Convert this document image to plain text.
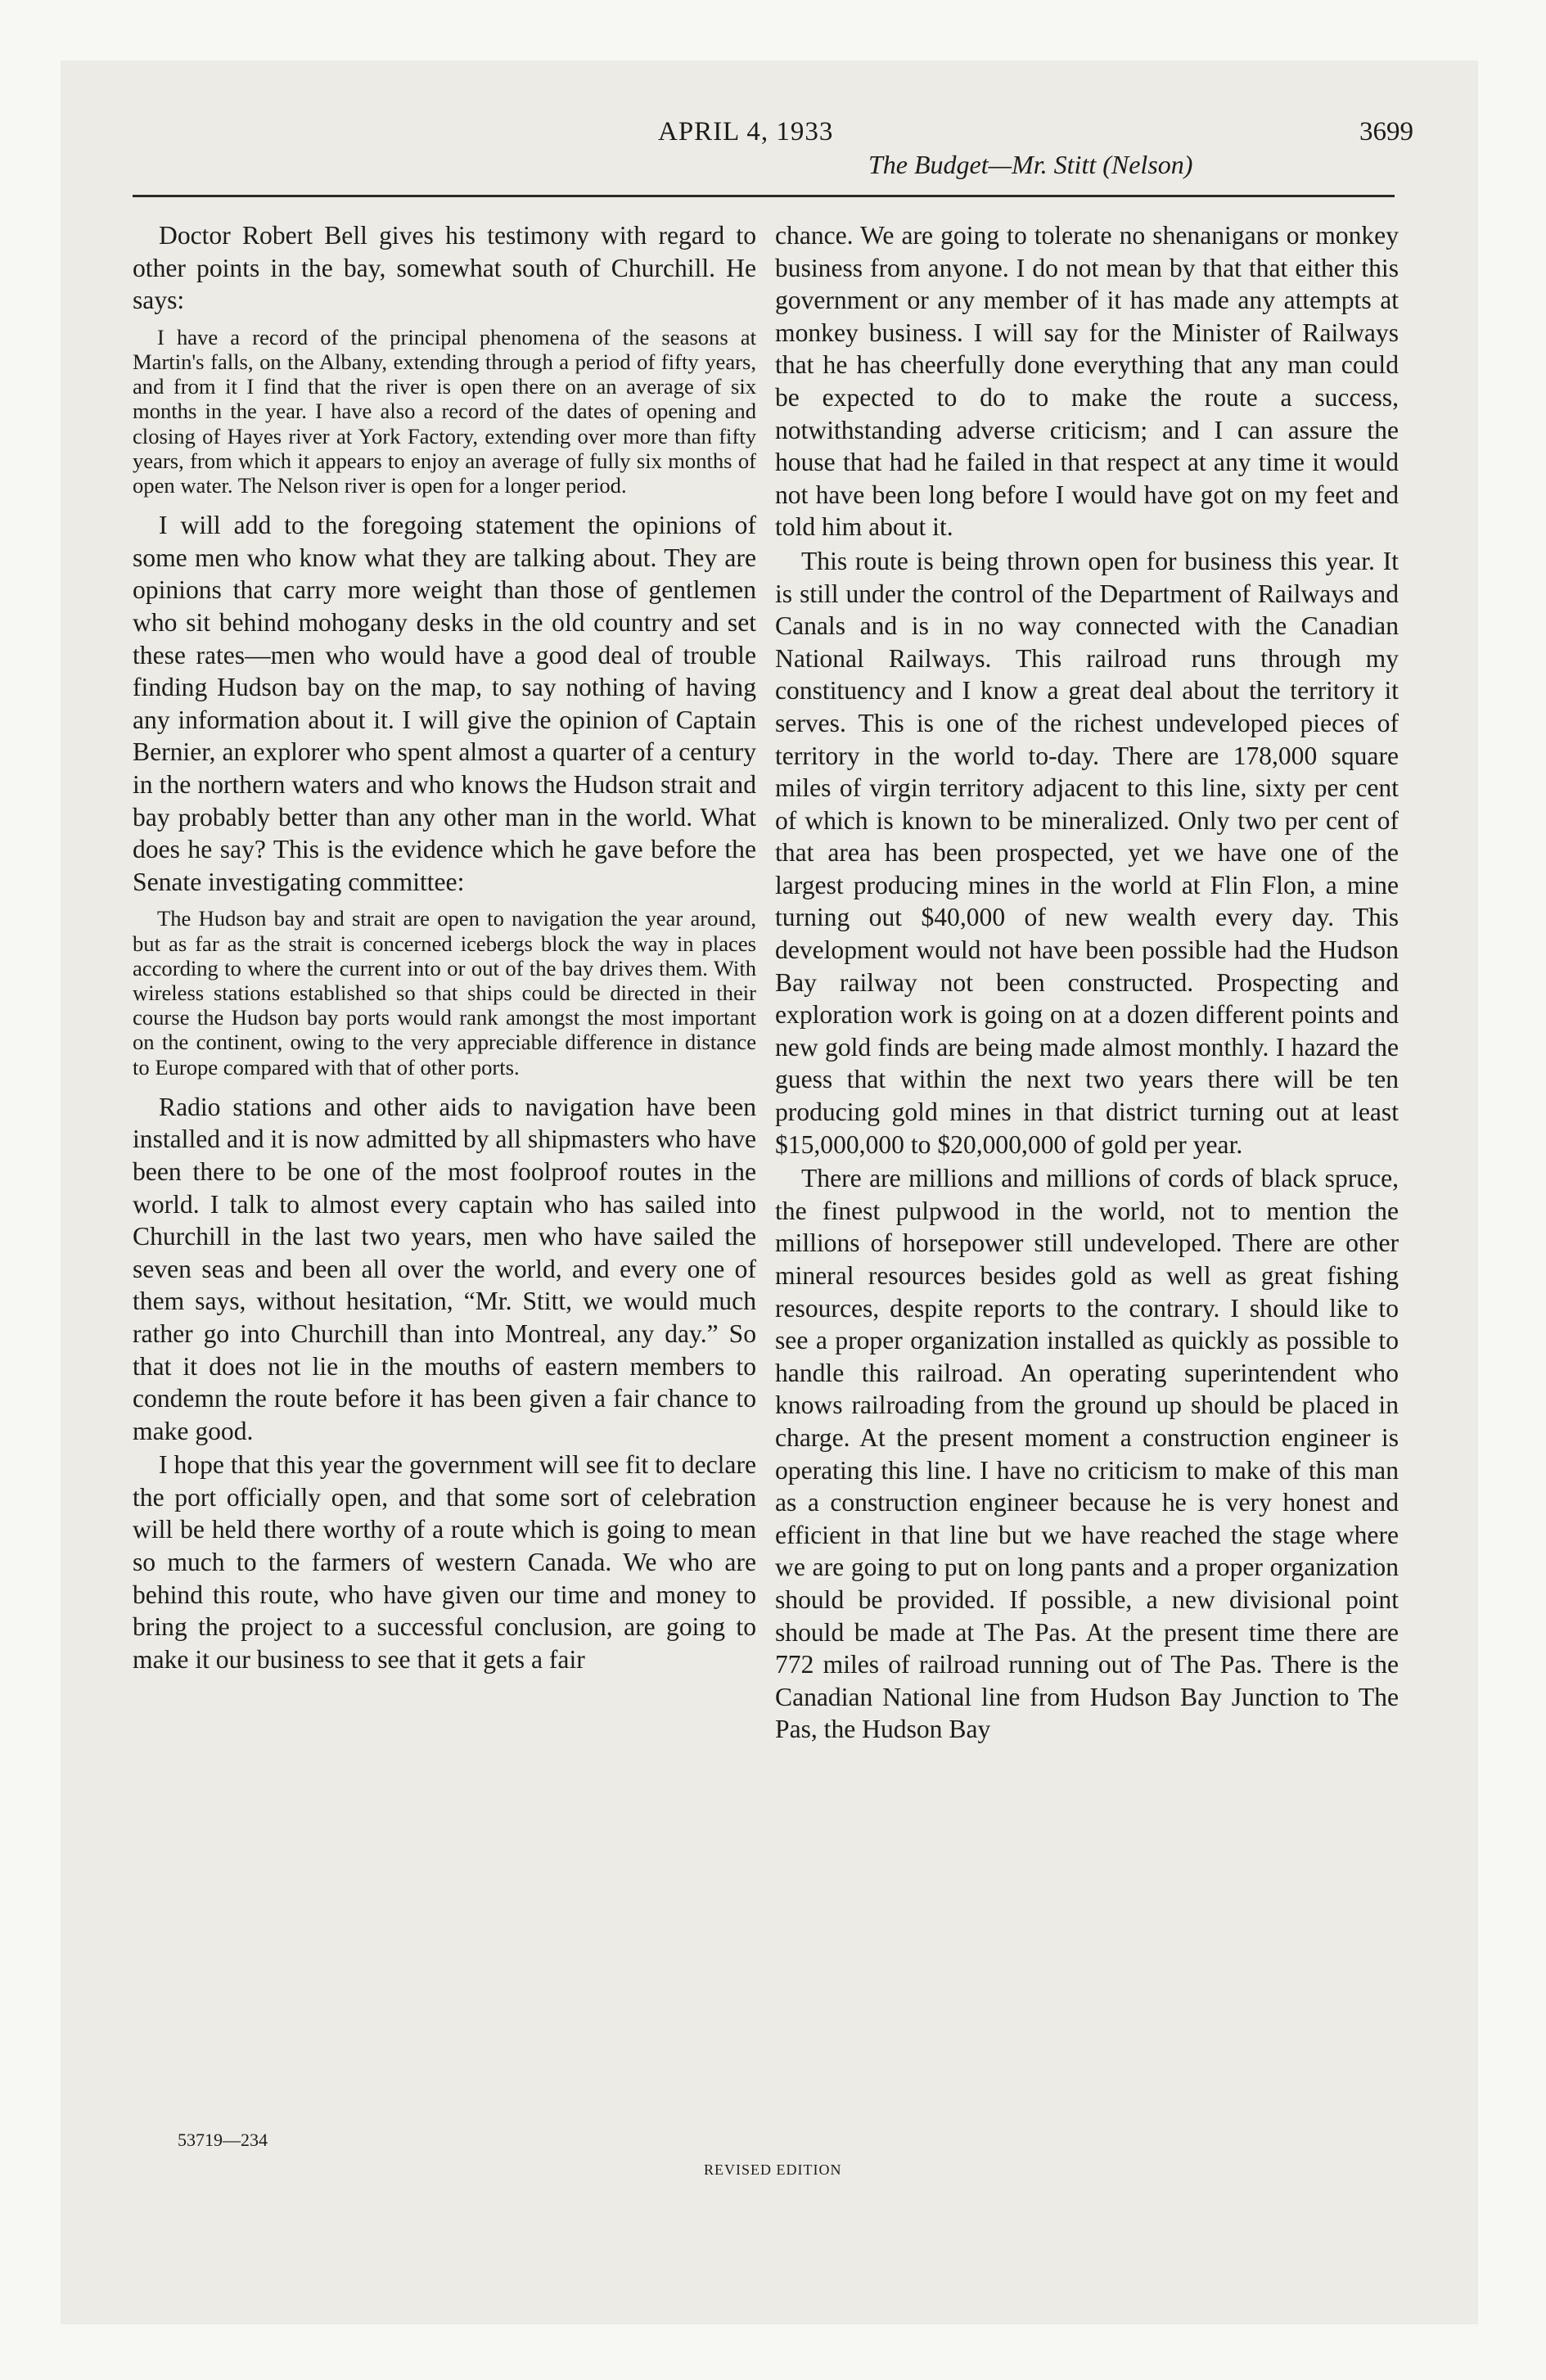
APRIL 4, 1933	3699
The Budget—Mr. Stitt (Nelson)

Doctor Robert Bell gives his testimony with regard to other points in the bay, somewhat south of Churchill. He says:

I have a record of the principal phenomena of the seasons at Martin's falls, on the Albany, extending through a period of fifty years, and from it I find that the river is open there on an average of six months in the year. I have also a record of the dates of opening and closing of Hayes river at York Factory, extending over more than fifty years, from which it appears to enjoy an average of fully six months of open water. The Nelson river is open for a longer period.

I will add to the foregoing statement the opinions of some men who know what they are talking about. They are opinions that carry more weight than those of gentlemen who sit behind mohogany desks in the old country and set these rates—men who would have a good deal of trouble finding Hudson bay on the map, to say nothing of having any information about it. I will give the opinion of Captain Bernier, an explorer who spent almost a quarter of a century in the northern waters and who knows the Hudson strait and bay probably better than any other man in the world. What does he say? This is the evidence which he gave before the Senate investigating committee:

The Hudson bay and strait are open to navigation the year around, but as far as the strait is concerned icebergs block the way in places according to where the current into or out of the bay drives them. With wireless stations established so that ships could be directed in their course the Hudson bay ports would rank amongst the most important on the continent, owing to the very appreciable difference in distance to Europe compared with that of other ports.

Radio stations and other aids to navigation have been installed and it is now admitted by all shipmasters who have been there to be one of the most foolproof routes in the world. I talk to almost every captain who has sailed into Churchill in the last two years, men who have sailed the seven seas and been all over the world, and every one of them says, without hesitation, “Mr. Stitt, we would much rather go into Churchill than into Montreal, any day.” So that it does not lie in the mouths of eastern members to condemn the route before it has been given a fair chance to make good.

I hope that this year the government will see fit to declare the port officially open, and that some sort of celebration will be held there worthy of a route which is going to mean so much to the farmers of western Canada. We who are behind this route, who have given our time and money to bring the project to a successful conclusion, are going to make it our business to see that it gets a fair

chance. We are going to tolerate no shenanigans or monkey business from anyone. I do not mean by that that either this government or any member of it has made any attempts at monkey business. I will say for the Minister of Railways that he has cheerfully done everything that any man could be expected to do to make the route a success, notwithstanding adverse criticism; and I can assure the house that had he failed in that respect at any time it would not have been long before I would have got on my feet and told him about it.

This route is being thrown open for business this year. It is still under the control of the Department of Railways and Canals and is in no way connected with the Canadian National Railways. This railroad runs through my constituency and I know a great deal about the territory it serves. This is one of the richest undeveloped pieces of territory in the world to-day. There are 178,000 square miles of virgin territory adjacent to this line, sixty per cent of which is known to be mineralized. Only two per cent of that area has been prospected, yet we have one of the largest producing mines in the world at Flin Flon, a mine turning out $40,000 of new wealth every day. This development would not have been possible had the Hudson Bay railway not been constructed. Prospecting and exploration work is going on at a dozen different points and new gold finds are being made almost monthly. I hazard the guess that within the next two years there will be ten producing gold mines in that district turning out at least $15,000,000 to $20,000,000 of gold per year.

There are millions and millions of cords of black spruce, the finest pulpwood in the world, not to mention the millions of horsepower still undeveloped. There are other mineral resources besides gold as well as great fishing resources, despite reports to the contrary. I should like to see a proper organization installed as quickly as possible to handle this railroad. An operating superintendent who knows railroading from the ground up should be placed in charge. At the present moment a construction engineer is operating this line. I have no criticism to make of this man as a construction engineer because he is very honest and efficient in that line but we have reached the stage where we are going to put on long pants and a proper organization should be provided. If possible, a new divisional point should be made at The Pas. At the present time there are 772 miles of railroad running out of The Pas. There is the Canadian National line from Hudson Bay Junction to The Pas, the Hudson Bay

53719—234
REVISED EDITION
